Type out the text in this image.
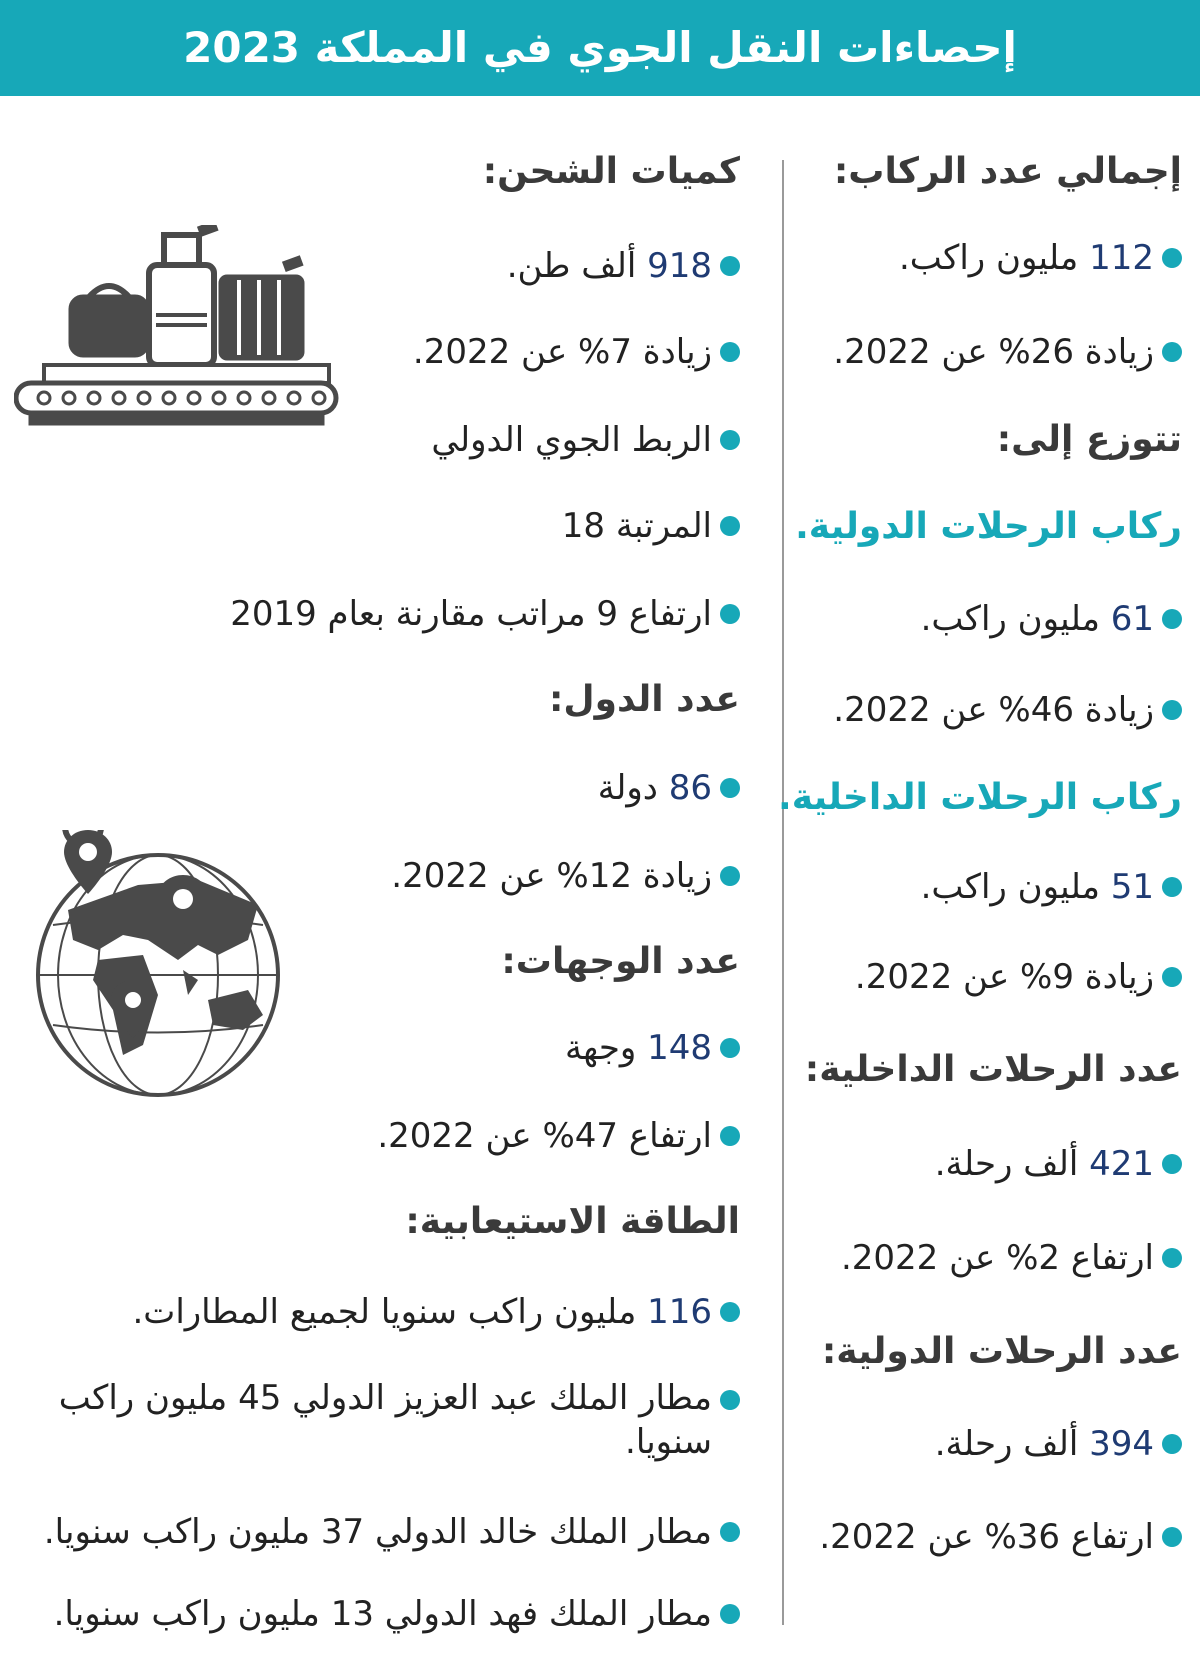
إحصاءات النقل الجوي في المملكة 2023
إجمالي عدد الركاب:
112

مليون راكب.
زيادة 26% عن 2022.
تتوزع إلى:
ركاب الرحلات الدولية.
61

مليون راكب.
زيادة 46% عن 2022.
ركاب الرحلات الداخلية.
51

مليون راكب.
زيادة 9% عن 2022.
عدد الرحلات الداخلية:
421

ألف رحلة.
ارتفاع 2% عن 2022.
عدد الرحلات الدولية:
394

ألف رحلة.
ارتفاع 36% عن 2022.
كميات الشحن:
918

ألف طن.
زيادة 7% عن 2022.
الربط الجوي الدولي
المرتبة 18
ارتفاع 9 مراتب مقارنة بعام 2019
عدد الدول:
86

دولة
زيادة 12% عن 2022.
عدد الوجهات:
148

وجهة
ارتفاع 47% عن 2022.
الطاقة الاستيعابية:
116

مليون راكب سنويا لجميع المطارات.
مطار الملك عبد العزيز الدولي 45 مليون راكب سنويا.
مطار الملك خالد الدولي 37 مليون راكب سنويا.
مطار الملك فهد الدولي 13 مليون راكب سنويا.
